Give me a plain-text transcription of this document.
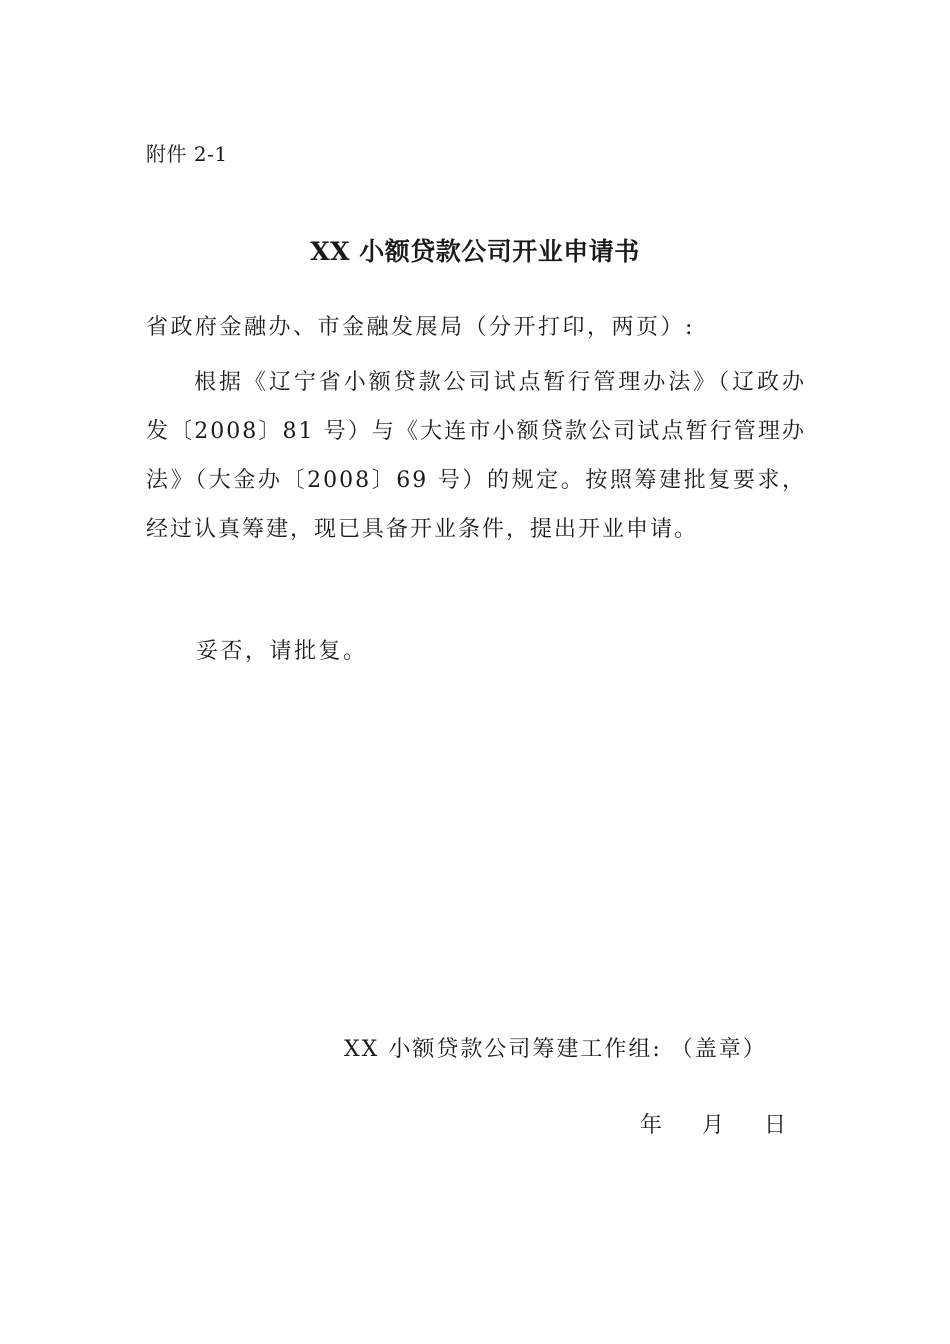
附件 2-1
XX 小额贷款公司开业申请书
省政府金融办、市金融发展局（分开打印，两页）:

根据《辽宁省小额贷款公司试点暂行管理办法》（辽政办发〔2008〕81 号）与《大连市小额贷款公司试点暂行管理办法》（大金办〔2008〕69 号）的规定。按照筹建批复要求，经过认真筹建，现已具备开业条件，提出开业申请。

妥否，请批复。
XX 小额贷款公司筹建工作组: （盖章）
年 月 日
